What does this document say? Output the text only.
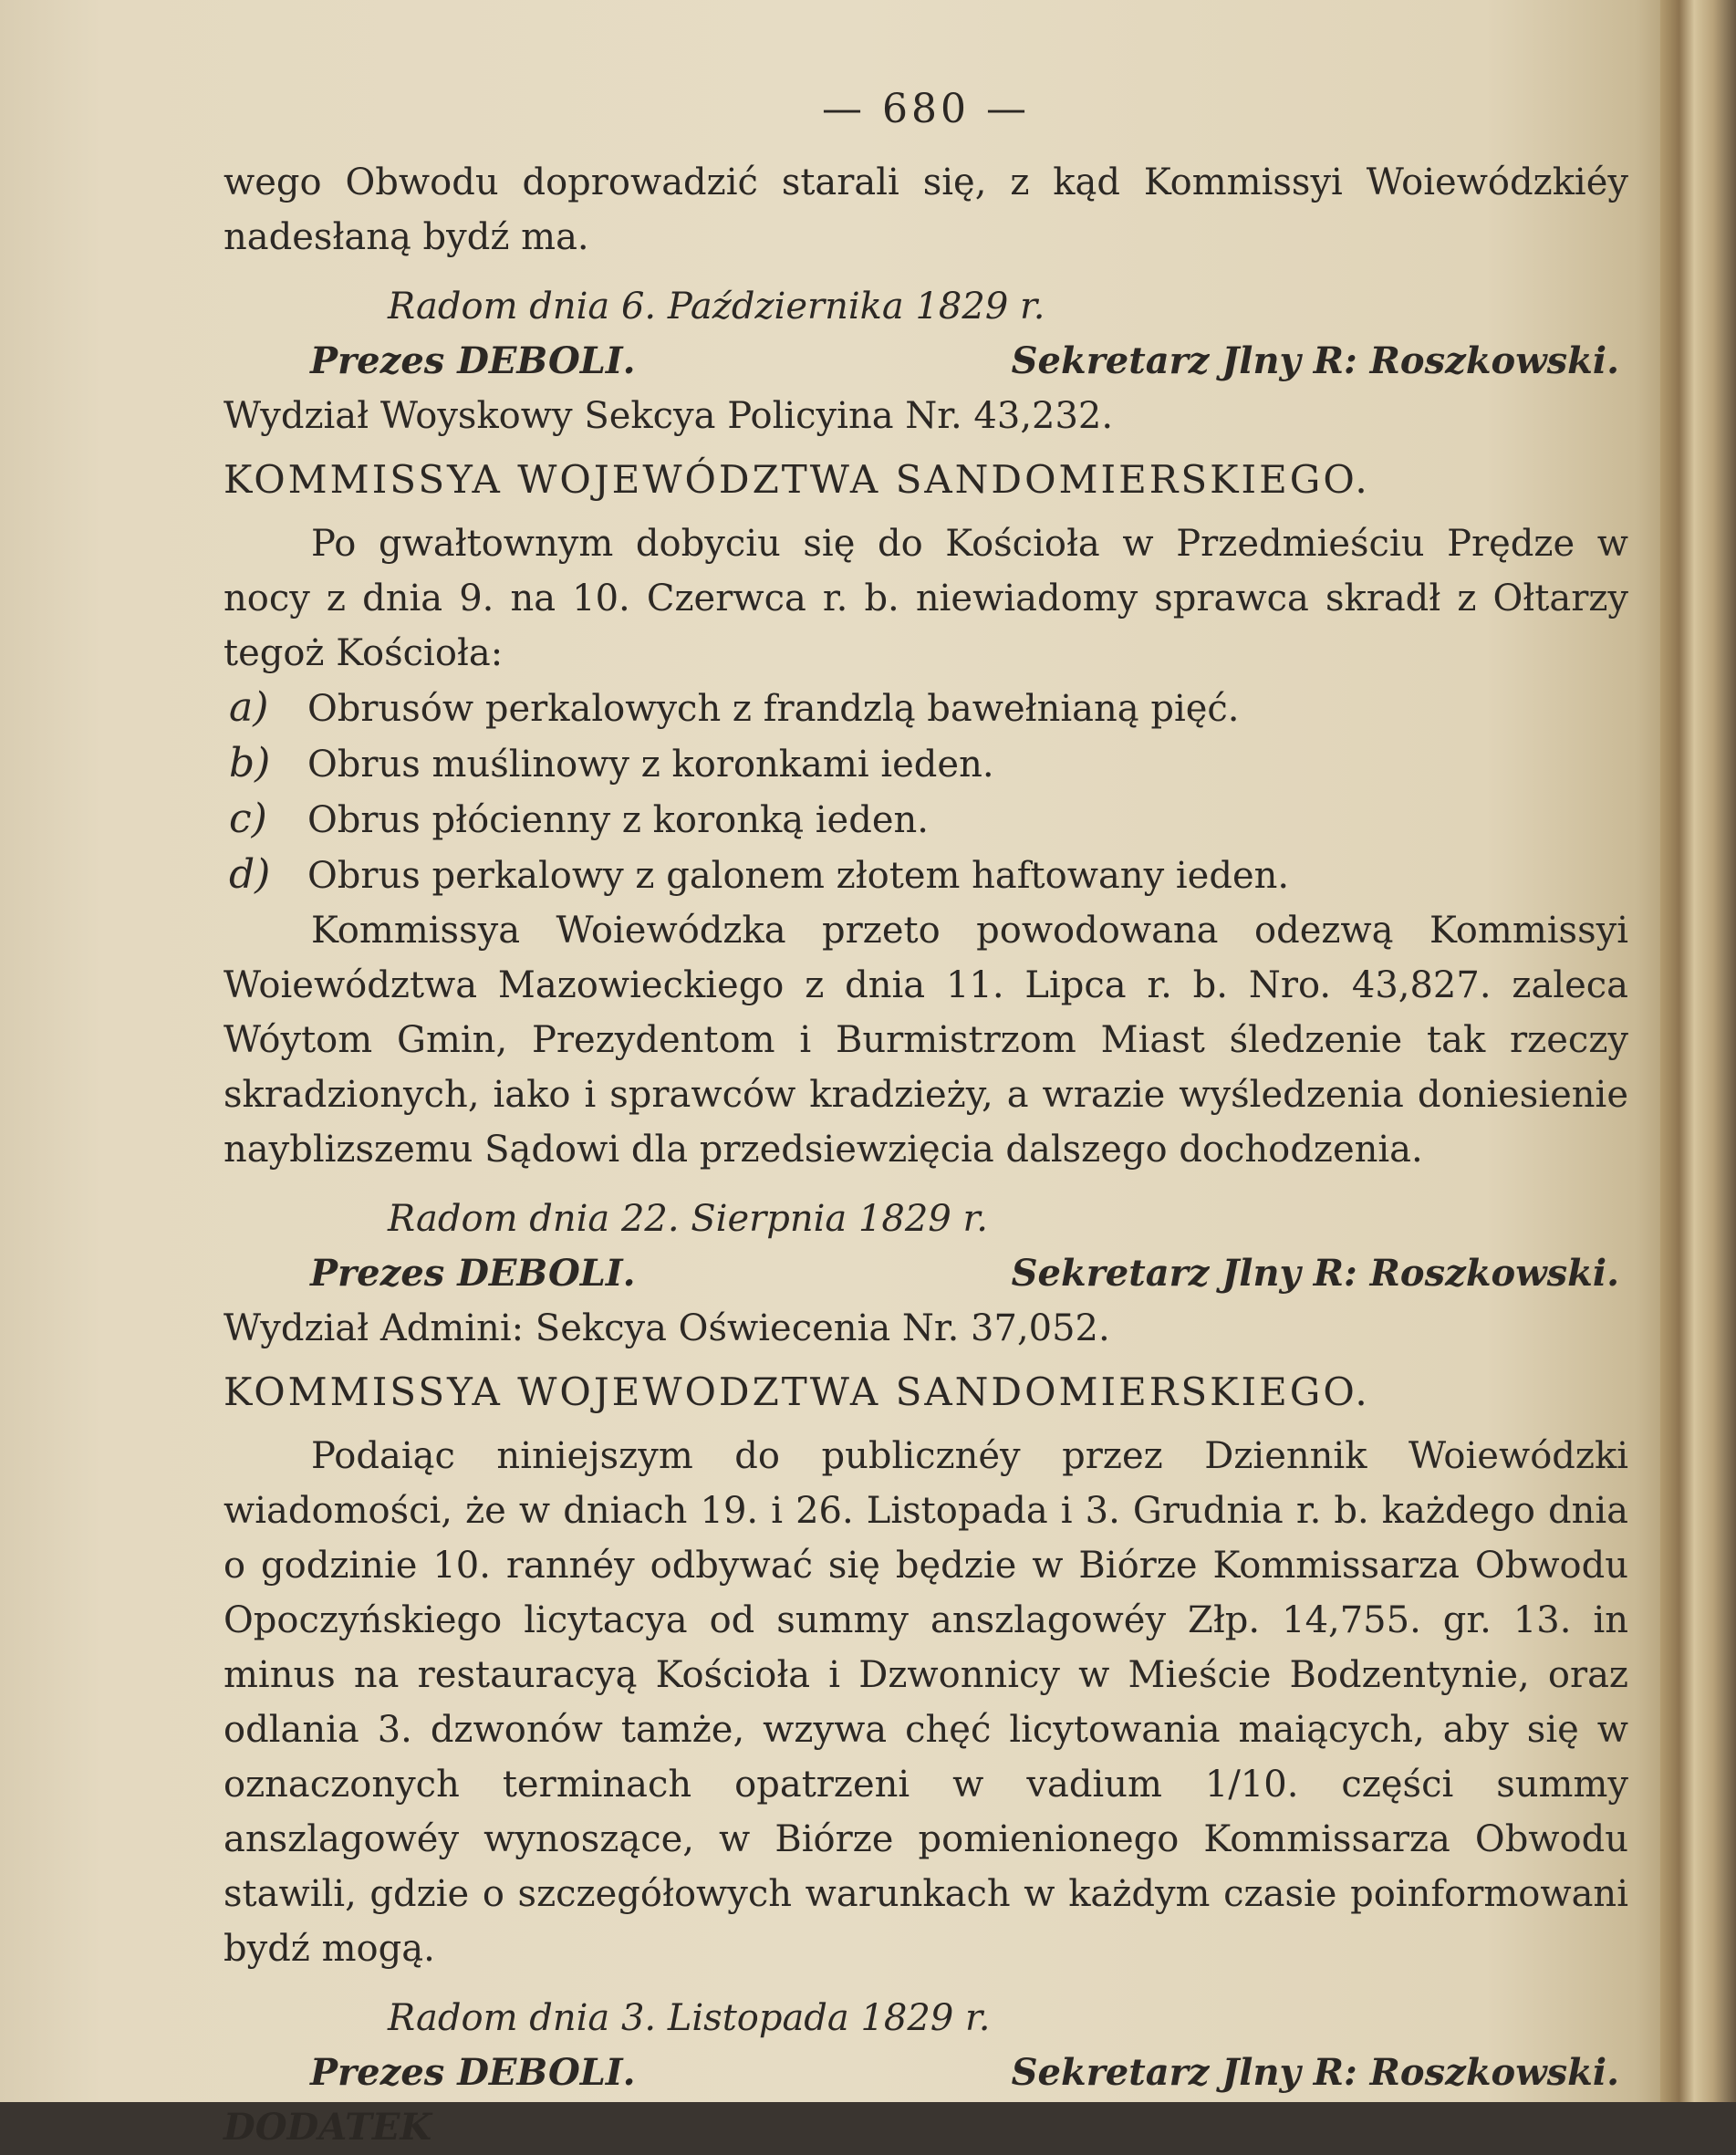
— 680 —

wego Obwodu doprowadzić starali się, z kąd Kommissyi Woiewódzkiéy nadesłaną bydź ma.

Radom dnia 6. Października 1829 r.

Prezes DEBOLI.	Sekretarz Jlny R: Roszkowski.

Wydział Woyskowy Sekcya Policyina Nr. 43,232.

KOMMISSYA WOJEWÓDZTWA SANDOMIERSKIEGO.

Po gwałtownym dobyciu się do Kościoła w Przedmieściu Prędze w nocy z dnia 9. na 10. Czerwca r. b. niewiadomy sprawca skradł z Ołtarzy tegoż Kościoła:

a) Obrusów perkalowych z frandzlą bawełnianą pięć.

b) Obrus muślinowy z koronkami ieden.

c) Obrus płócienny z koronką ieden.

d) Obrus perkalowy z galonem złotem haftowany ieden.

Kommissya Woiewódzka przeto powodowana odezwą Kommissyi Woiewództwa Mazowieckiego z dnia 11. Lipca r. b. Nro. 43,827. zaleca Wóytom Gmin, Prezydentom i Burmistrzom Miast śledzenie tak rzeczy skradzionych, iako i sprawców kradzieży, a wrazie wyśledzenia doniesienie nayblizszemu Sądowi dla przedsiewzięcia dalszego dochodzenia.

Radom dnia 22. Sierpnia 1829 r.

Prezes DEBOLI.	Sekretarz Jlny R: Roszkowski.

Wydział Admini: Sekcya Oświecenia Nr. 37,052.

KOMMISSYA WOJEWODZTWA SANDOMIERSKIEGO.

Podaiąc niniejszym do publicznéy przez Dziennik Woiewódzki wiadomości, że w dniach 19. i 26. Listopada i 3. Grudnia r. b. każdego dnia o godzinie 10. rannéy odbywać się będzie w Biórze Kommissarza Obwodu Opoczyńskiego licytacya od summy anszlagowéy Złp. 14,755. gr. 13. in minus na restauracyą Kościoła i Dzwonnicy w Mieście Bodzentynie, oraz odlania 3. dzwonów tamże, wzywa chęć licytowania maiących, aby się w oznaczonych terminach opatrzeni w vadium 1/10. części summy anszlagowéy wynoszące, w Biórze pomienionego Kommissarza Obwodu stawili, gdzie o szczegółowych warunkach w każdym czasie poinformowani bydź mogą.

Radom dnia 3. Listopada 1829 r.

Prezes DEBOLI.	Sekretarz Jlny R: Roszkowski.

DODATEK
